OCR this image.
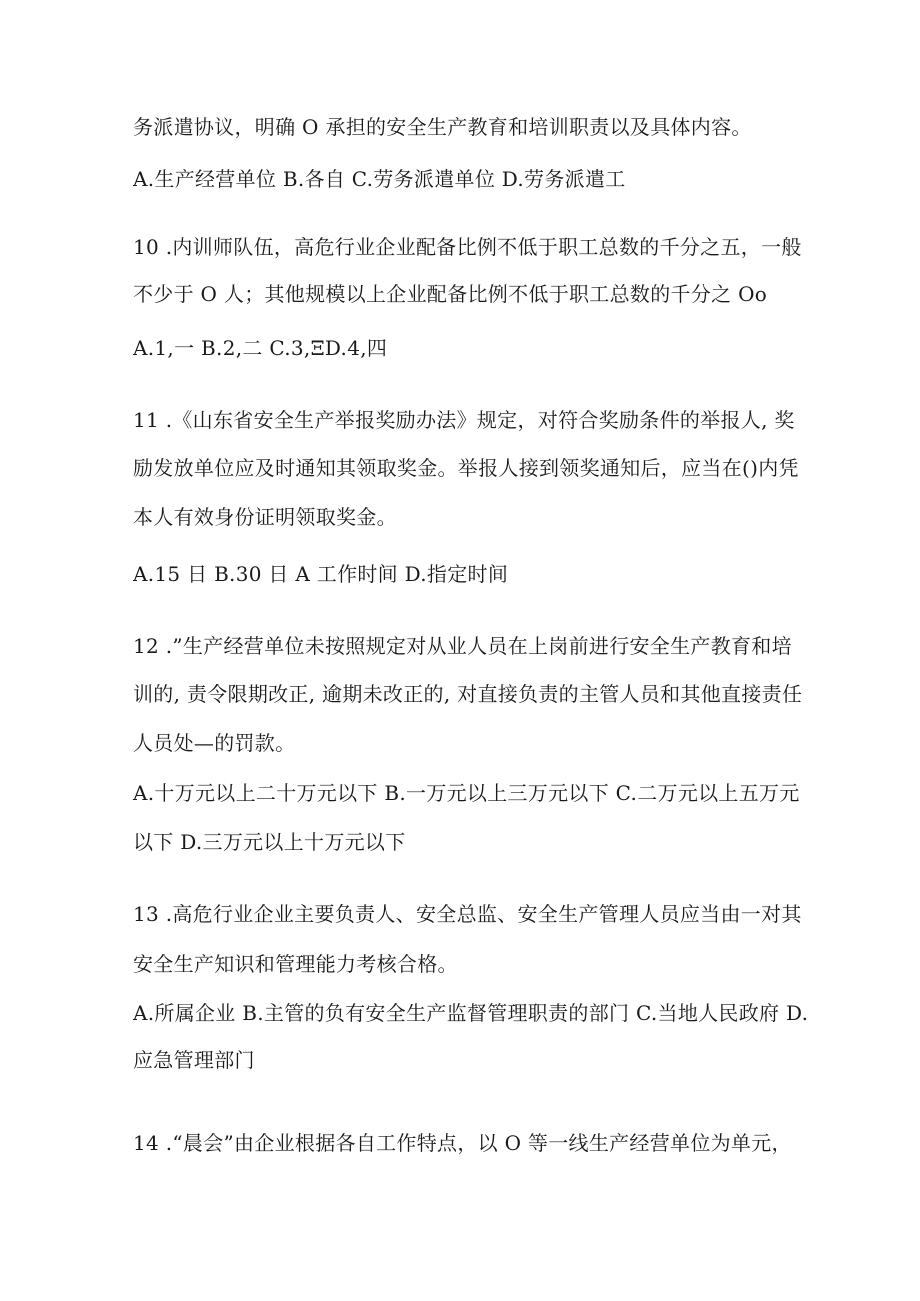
务派遣协议，明确 O 承担的安全生产教育和培训职责以及具体内容。
A.生产经营单位 B.各自 C.劳务派遣单位 D.劳务派遣工
10 .内训师队伍，高危行业企业配备比例不低于职工总数的千分之五，一般
不少于 O 人；其他规模以上企业配备比例不低于职工总数的千分之 Oo
A.1,一 B.2,二 C.3,ΞD.4,四
11 .《山东省安全生产举报奖励办法》规定，对符合奖励条件的举报人, 奖
励发放单位应及时通知其领取奖金。举报人接到领奖通知后，应当在()内凭
本人有效身份证明领取奖金。
A.15 日 B.30 日 A 工作时间 D.指定时间
12 .”生产经营单位未按照规定对从业人员在上岗前进行安全生产教育和培
训的, 责令限期改正, 逾期未改正的, 对直接负责的主管人员和其他直接责任
人员处—的罚款。
A.十万元以上二十万元以下 B.一万元以上三万元以下 C.二万元以上五万元
以下 D.三万元以上十万元以下
13 .高危行业企业主要负责人、安全总监、安全生产管理人员应当由一对其
安全生产知识和管理能力考核合格。
A.所属企业 B.主管的负有安全生产监督管理职责的部门 C.当地人民政府 D.
应急管理部门
14 .“晨会”由企业根据各自工作特点，以 O 等一线生产经营单位为单元，
